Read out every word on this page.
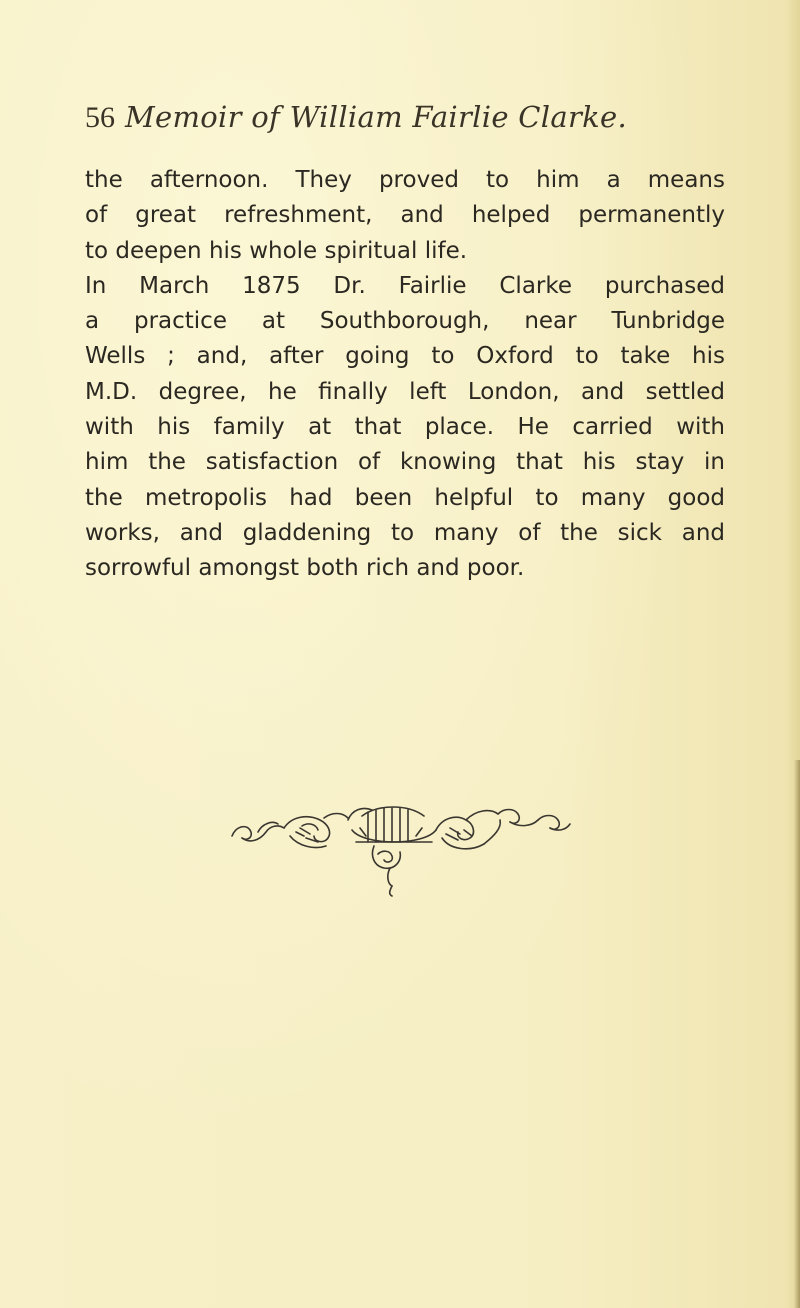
56 Memoir of William Fairlie Clarke.
the afternoon. They proved to him a means
of great refreshment, and helped permanently
to deepen his whole spiritual life.
In March 1875 Dr. Fairlie Clarke purchased
a practice at Southborough, near Tunbridge
Wells ; and, after going to Oxford to take his
M.D. degree, he finally left London, and settled
with his family at that place. He carried with
him the satisfaction of knowing that his stay in
the metropolis had been helpful to many good
works, and gladdening to many of the sick and
sorrowful amongst both rich and poor.
